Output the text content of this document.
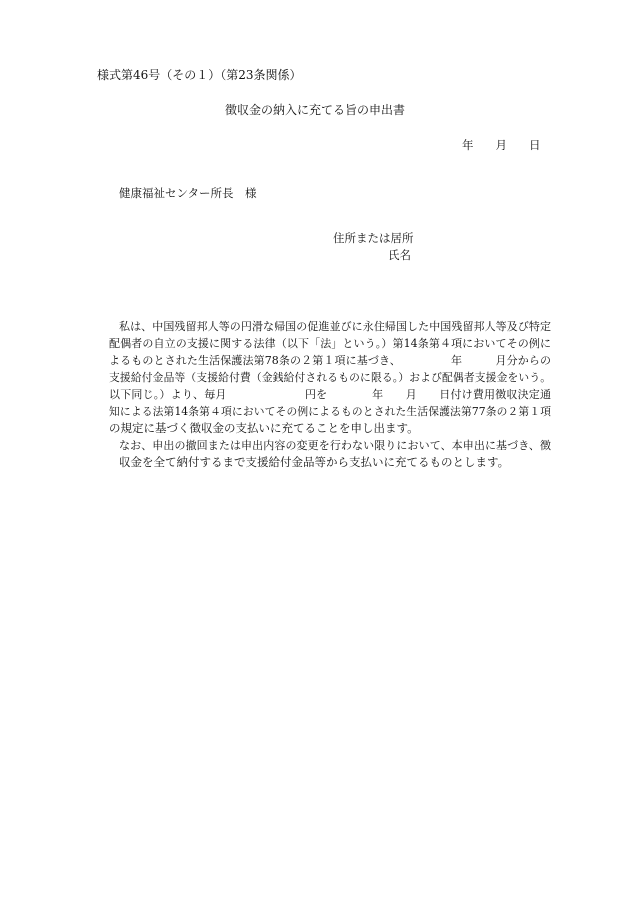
様式第46号（その１）（第23条関係）
徴収金の納入に充てる旨の申出書
年 月 日
健康福祉センター所長　様
住所または居所
氏名
私は、中国残留邦人等の円滑な帰国の促進並びに永住帰国した中国残留邦人等及び特定
配偶者の自立の支援に関する法律（以下「法」という。）第14条第４項においてその例に
よるものとされた生活保護法第78条の２第１項に基づき、　　　　　年　　　月分からの
支援給付金品等（支援給付費（金銭給付されるものに限る。）および配偶者支援金をいう。
以下同じ。）より、毎月　　　　　　　円を　　　　年　　月　　日付け費用徴収決定通
知による法第14条第４項においてその例によるものとされた生活保護法第77条の２第１項
の規定に基づく徴収金の支払いに充てることを申し出ます。
なお、申出の撤回または申出内容の変更を行わない限りにおいて、本申出に基づき、徴
収金を全て納付するまで支援給付金品等から支払いに充てるものとします。
